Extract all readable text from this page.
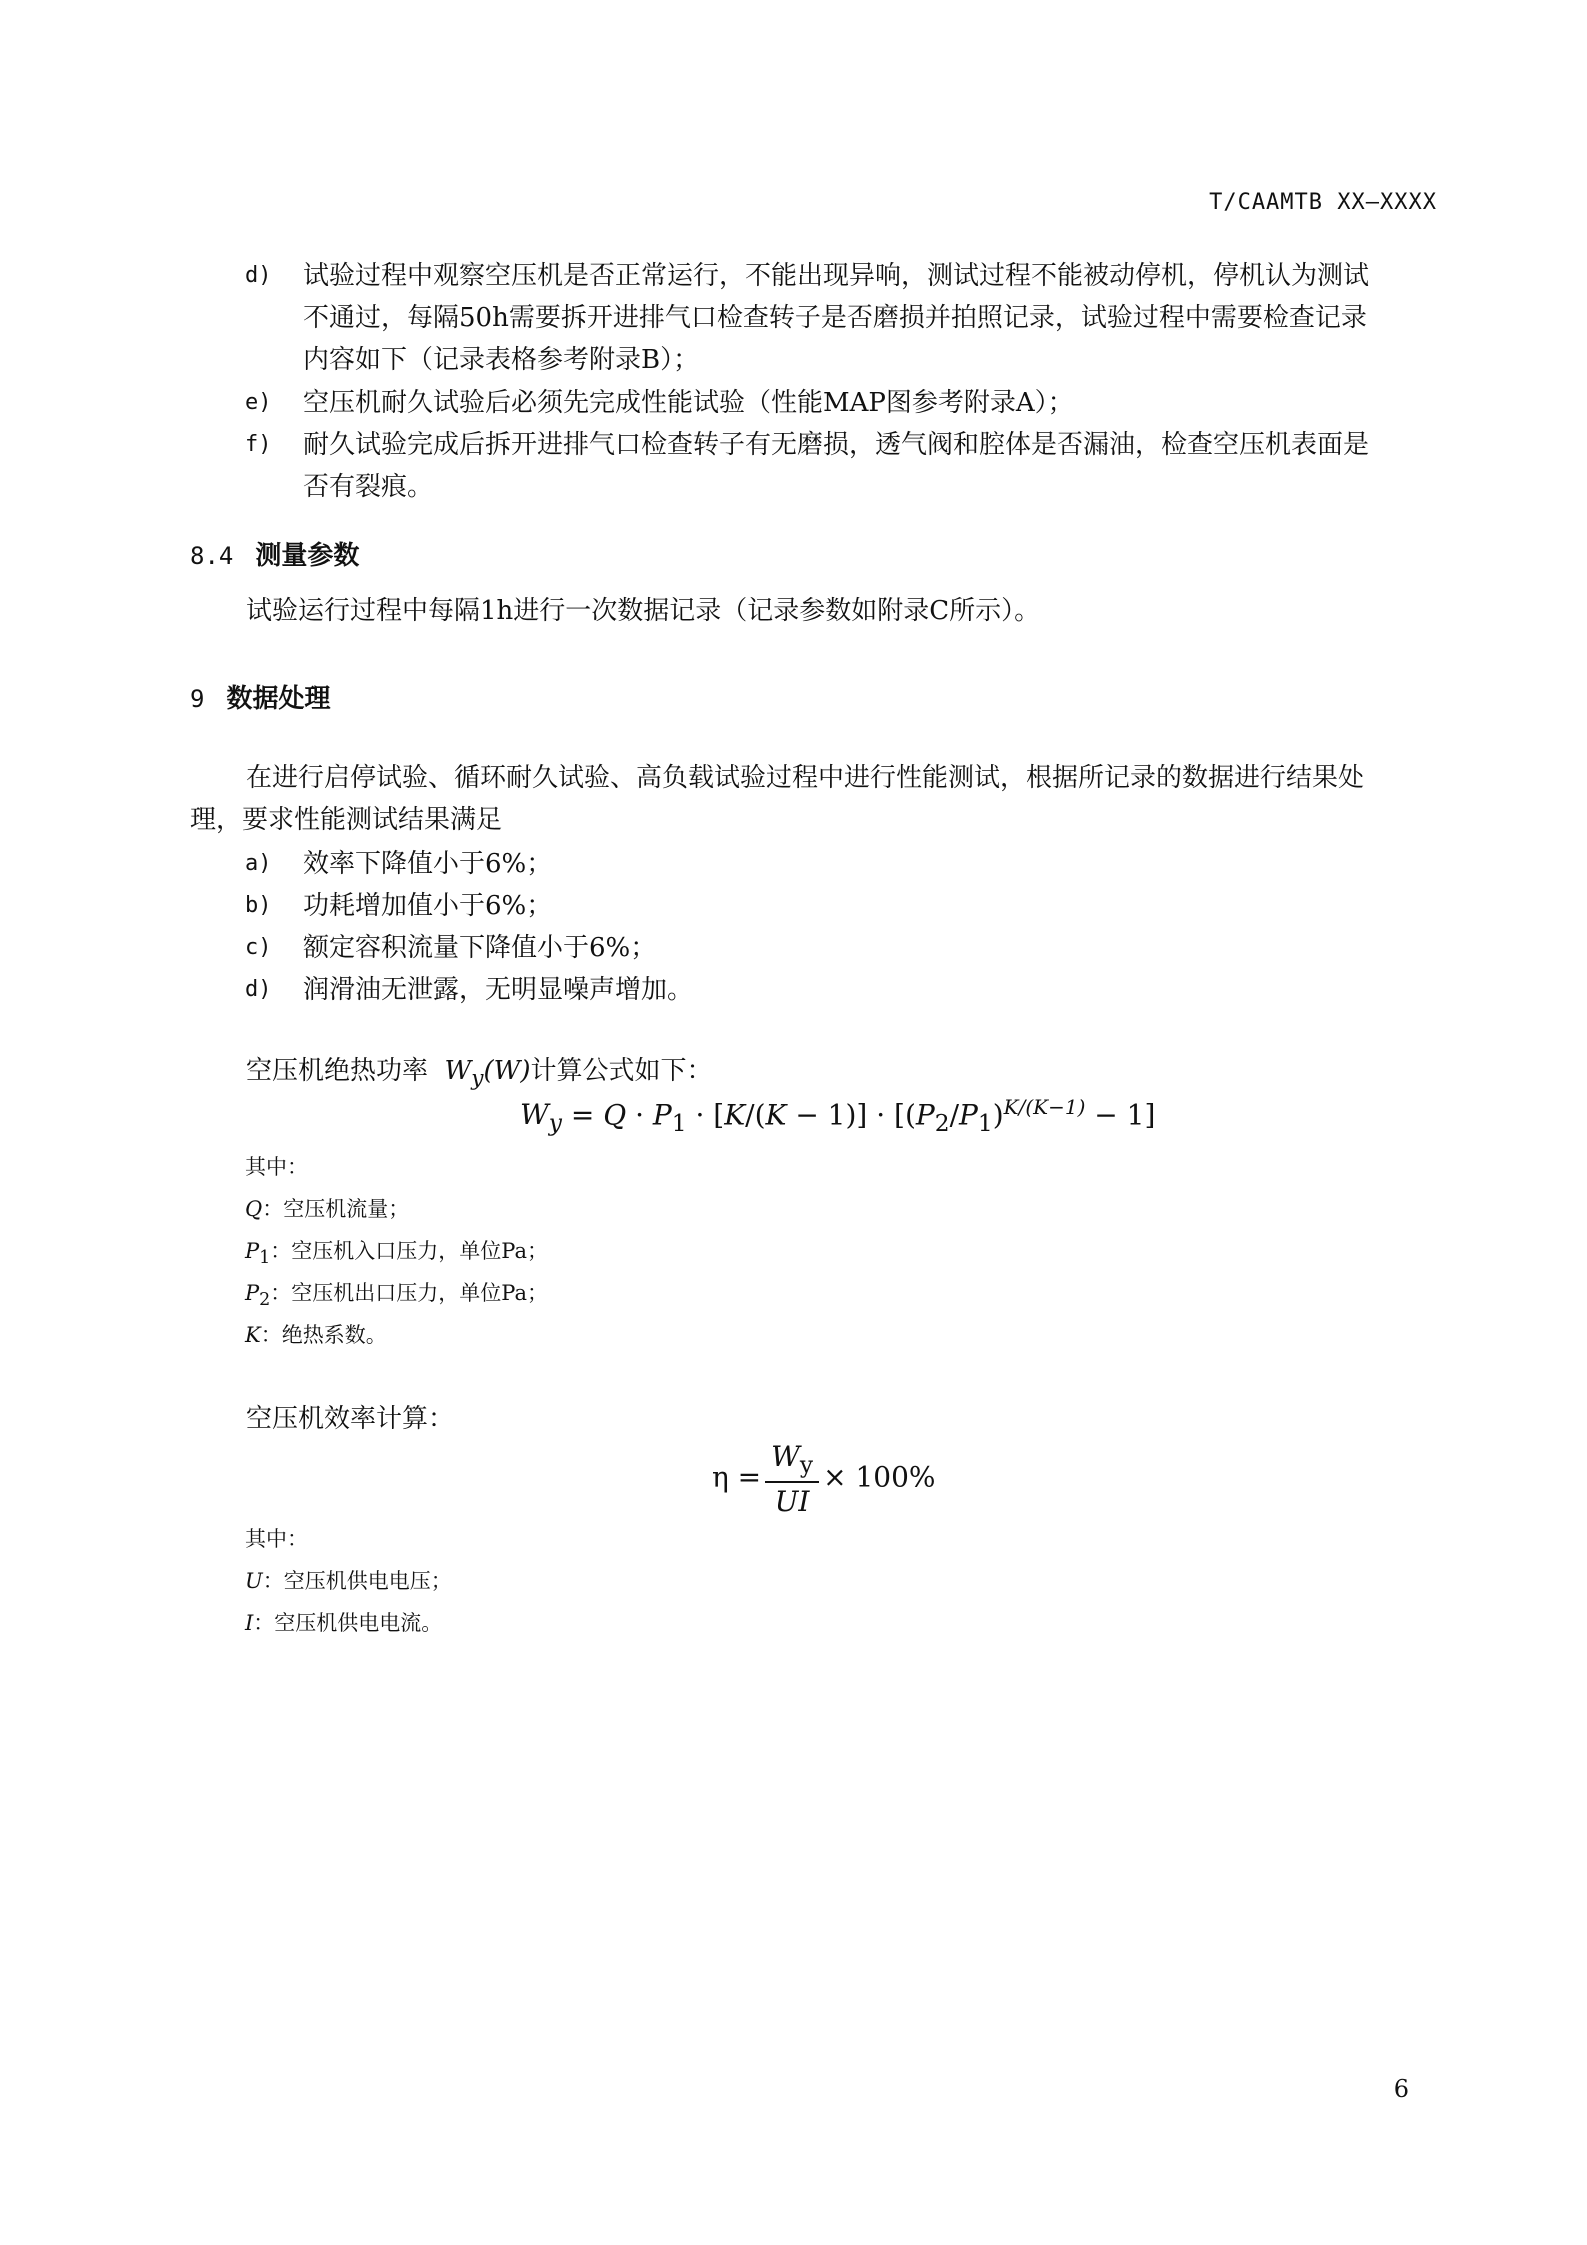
T/CAAMTB XX—XXXX
d) 试验过程中观察空压机是否正常运行，不能出现异响，测试过程不能被动停机，停机认为测试
不通过，每隔50h需要拆开进排气口检查转子是否磨损并拍照记录，试验过程中需要检查记录
内容如下（记录表格参考附录B）；
e) 空压机耐久试验后必须先完成性能试验（性能MAP图参考附录A）；
f) 耐久试验完成后拆开进排气口检查转子有无磨损，透气阀和腔体是否漏油，检查空压机表面是
否有裂痕。
8.4 测量参数
试验运行过程中每隔1h进行一次数据记录（记录参数如附录C所示）。
9 数据处理
在进行启停试验、循环耐久试验、高负载试验过程中进行性能测试，根据所记录的数据进行结果处
理，要求性能测试结果满足
a) 效率下降值小于6%；
b) 功耗增加值小于6%；
c) 额定容积流量下降值小于6%；
d) 润滑油无泄露，无明显噪声增加。
空压机绝热功率  $W_y(W)$计算公式如下：
$W_y = Q \cdot P_1 \cdot [K/(K - 1)] \cdot [(P_2/P_1)^{K/(K-1)} - 1]$
其中：
Q：空压机流量；
$P_1$：空压机入口压力，单位Pa；
$P_2$：空压机出口压力，单位Pa；
K：绝热系数。
空压机效率计算：
$\eta = \frac{W_y}{UI} \times 100\%$
其中：
U：空压机供电电压；
I：空压机供电电流。
6
